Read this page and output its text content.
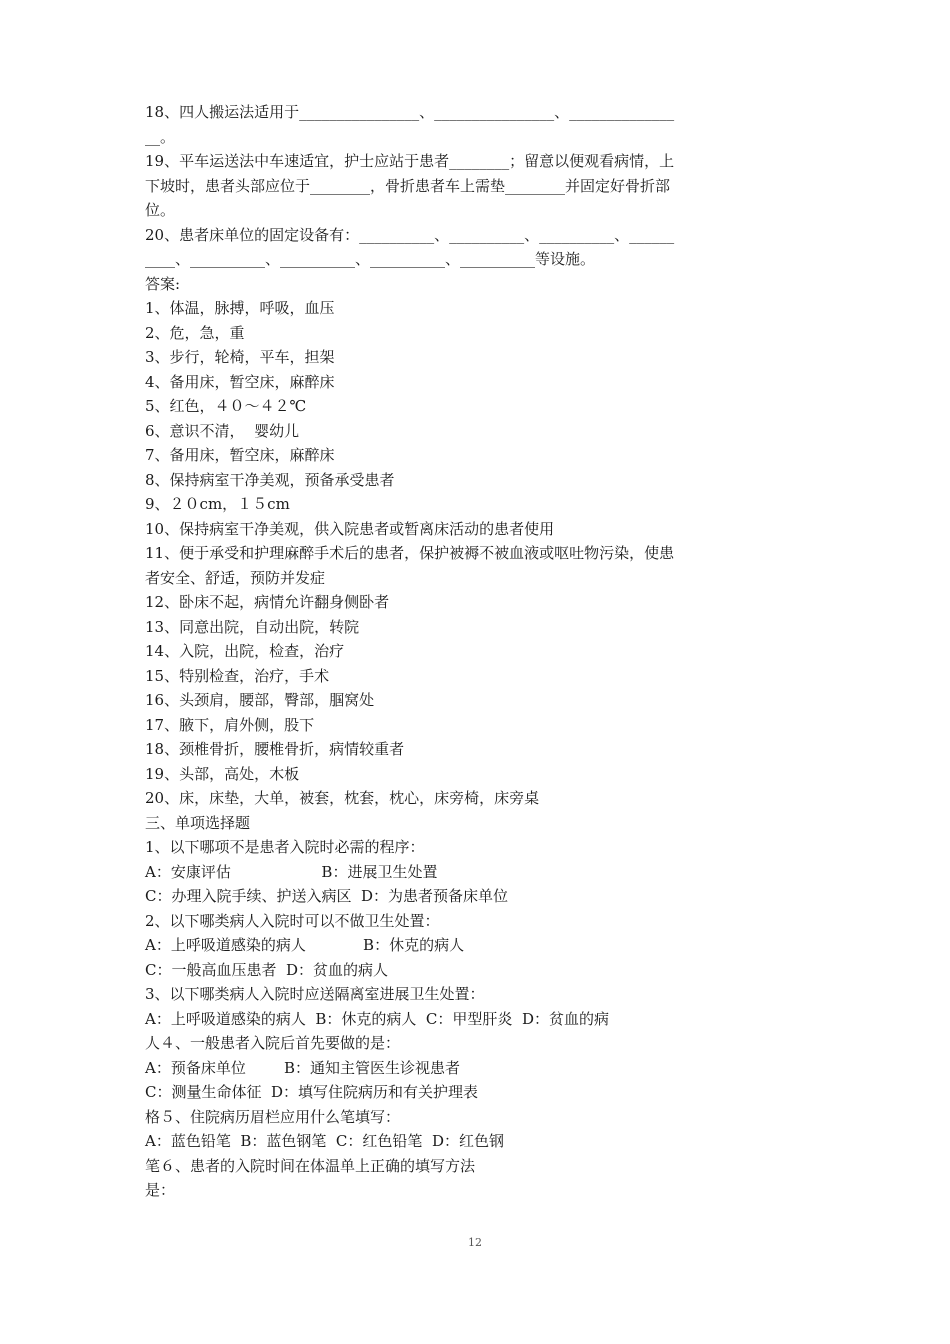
18、四人搬运法适用于________________、________________、______________
__。
19、平车运送法中车速适宜，护士应站于患者________；留意以便观看病情，上
下坡时，患者头部应位于________，骨折患者车上需垫________并固定好骨折部
位。
20、患者床单位的固定设备有：__________、__________、__________、______
____、__________、__________、__________、__________等设施。
答案:
1、体温，脉搏，呼吸，血压
2、危，急，重
3、步行，轮椅，平车，担架
4、备用床，暂空床，麻醉床
5、红色，４０～４２℃
6、意识不清，  婴幼儿
7、备用床，暂空床，麻醉床
8、保持病室干净美观，预备承受患者
9、２０cm，１５cm
10、保持病室干净美观，供入院患者或暂离床活动的患者使用
11、便于承受和护理麻醉手术后的患者，保护被褥不被血液或呕吐物污染，使患
者安全、舒适，预防并发症
12、卧床不起，病情允许翻身侧卧者
13、同意出院，自动出院，转院
14、入院，出院，检查，治疗
15、特别检查，治疗，手术
16、头颈肩，腰部，臀部，腘窝处
17、腋下，肩外侧，股下
18、颈椎骨折，腰椎骨折，病情较重者
19、头部，高处，木板
20、床，床垫，大单，被套，枕套，枕心，床旁椅，床旁桌
三、单项选择题
1、以下哪项不是患者入院时必需的程序：
A：安康评估                   B：进展卫生处置
C：办理入院手续、护送入病区  D：为患者预备床单位
2、以下哪类病人入院时可以不做卫生处置：
A：上呼吸道感染的病人            B：休克的病人
C：一般高血压患者  D：贫血的病人
3、以下哪类病人入院时应送隔离室进展卫生处置：
A：上呼吸道感染的病人  B：休克的病人  C：甲型肝炎  D：贫血的病
人４、一般患者入院后首先要做的是：
A：预备床单位        B：通知主管医生诊视患者
C：测量生命体征  D：填写住院病历和有关护理表
格５、住院病历眉栏应用什么笔填写：
A：蓝色铅笔  B：蓝色钢笔  C：红色铅笔  D：红色钢
笔６、患者的入院时间在体温单上正确的填写方法
是：
12
